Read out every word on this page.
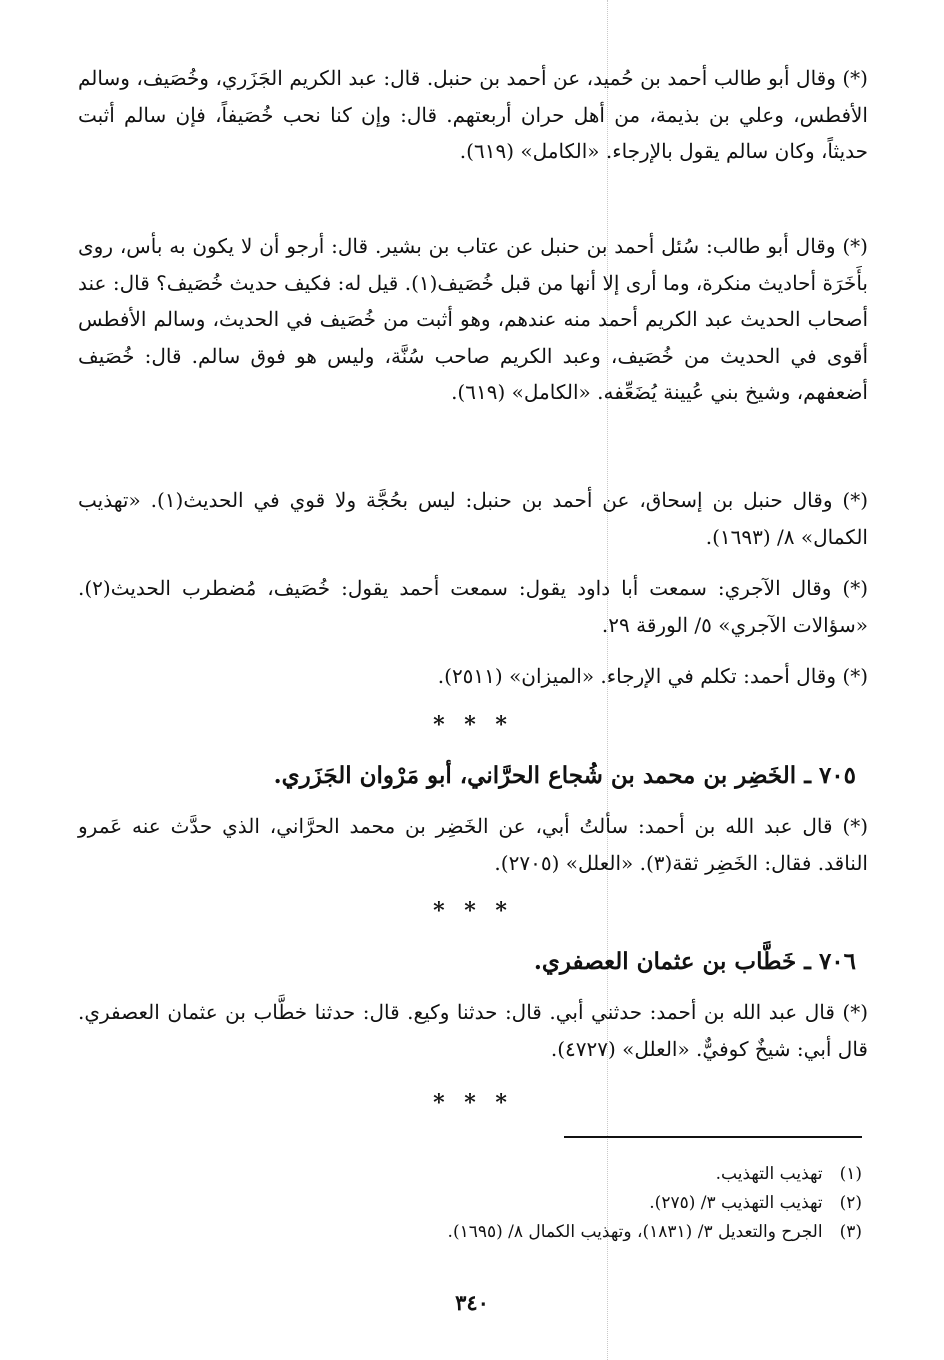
(*) وقال أبو طالب أحمد بن حُميد، عن أحمد بن حنبل. قال: عبد الكريم الجَزَري، وخُصَيف، وسالم الأفطس، وعلي بن بذيمة، من أهل حران أربعتهم. قال: وإن كنا نحب خُصَيفاً، فإن سالم أثبت حديثاً، وكان سالم يقول بالإرجاء. «الكامل» (٦١٩).

(*) وقال أبو طالب: سُئل أحمد بن حنبل عن عتاب بن بشير. قال: أرجو أن لا يكون به بأس، روى بأَخَرَة أحاديث منكرة، وما أرى إلا أنها من قبل خُصَيف(١). قيل له: فكيف حديث خُصَيف؟ قال: عند أصحاب الحديث عبد الكريم أحمد منه عندهم، وهو أثبت من خُصَيف في الحديث، وسالم الأفطس أقوى في الحديث من خُصَيف، وعبد الكريم صاحب سُنَّة، وليس هو فوق سالم. قال: خُصَيف أضعفهم، وشيخ بني عُيينة يُضَعِّفه. «الكامل» (٦١٩).

(*) وقال حنبل بن إسحاق، عن أحمد بن حنبل: ليس بحُجَّة ولا قوي في الحديث(١). «تهذيب الكمال» ٨/ (١٦٩٣).

(*) وقال الآجري: سمعت أبا داود يقول: سمعت أحمد يقول: خُصَيف، مُضطرب الحديث(٢). «سؤالات الآجري» ٥/ الورقة ٢٩.

(*) وقال أحمد: تكلم في الإرجاء. «الميزان» (٢٥١١).

* * *
٧٠٥ ـ الخَضِر بن محمد بن شُجاع الحرَّاني، أبو مَرْوان الجَزَري.

(*) قال عبد الله بن أحمد: سألتُ أبي، عن الخَضِر بن محمد الحرَّاني، الذي حدَّث عنه عَمرو الناقد. فقال: الخَضِر ثقة(٣). «العلل» (٢٧٠٥).

* * *
٧٠٦ ـ خَطَّاب بن عثمان العصفري.

(*) قال عبد الله بن أحمد: حدثني أبي. قال: حدثنا وكيع. قال: حدثنا خطَّاب بن عثمان العصفري. قال أبي: شيخٌ كوفيٌّ. «العلل» (٤٧٢٧).

* * *

(١) تهذيب التهذيب.

(٢) تهذيب التهذيب ٣/ (٢٧٥).

(٣) الجرح والتعديل ٣/ (١٨٣١)، وتهذيب الكمال ٨/ (١٦٩٥).

٣٤٠
